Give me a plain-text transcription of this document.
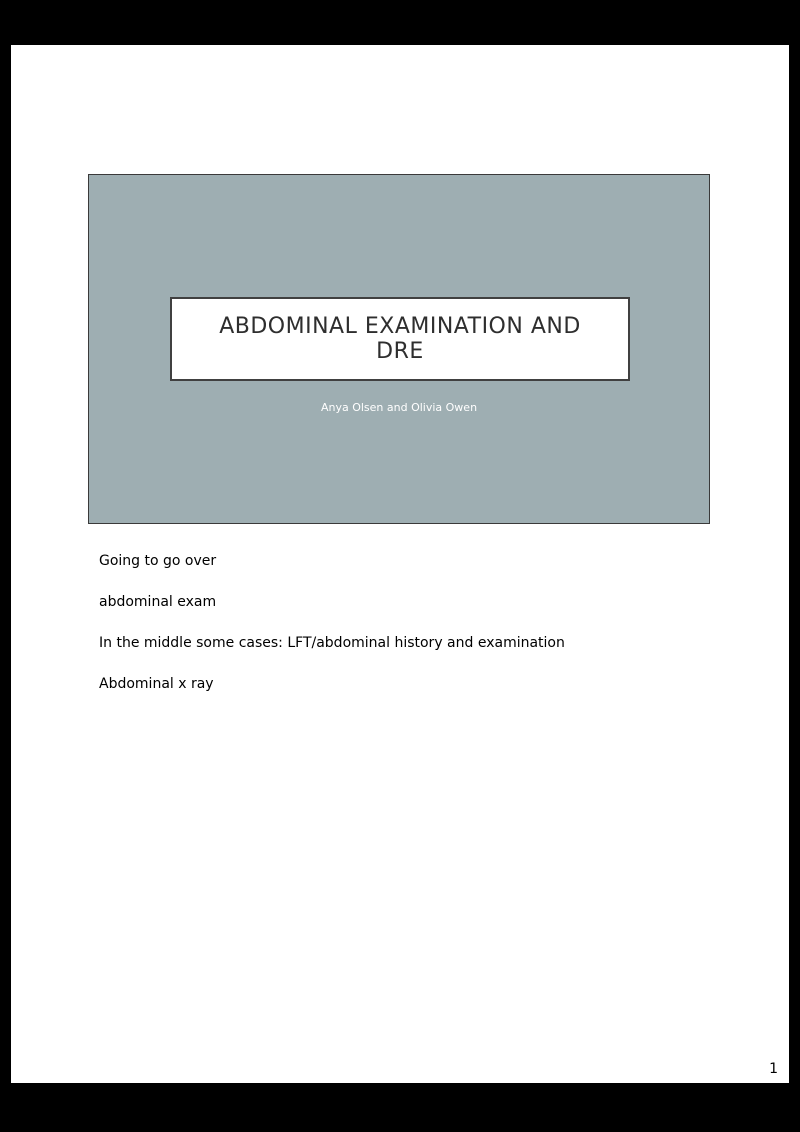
ABDOMINAL EXAMINATION AND DRE
Anya Olsen and Olivia Owen
Going to go over
abdominal exam
In the middle some cases: LFT/abdominal history and examination
Abdominal x ray
1
